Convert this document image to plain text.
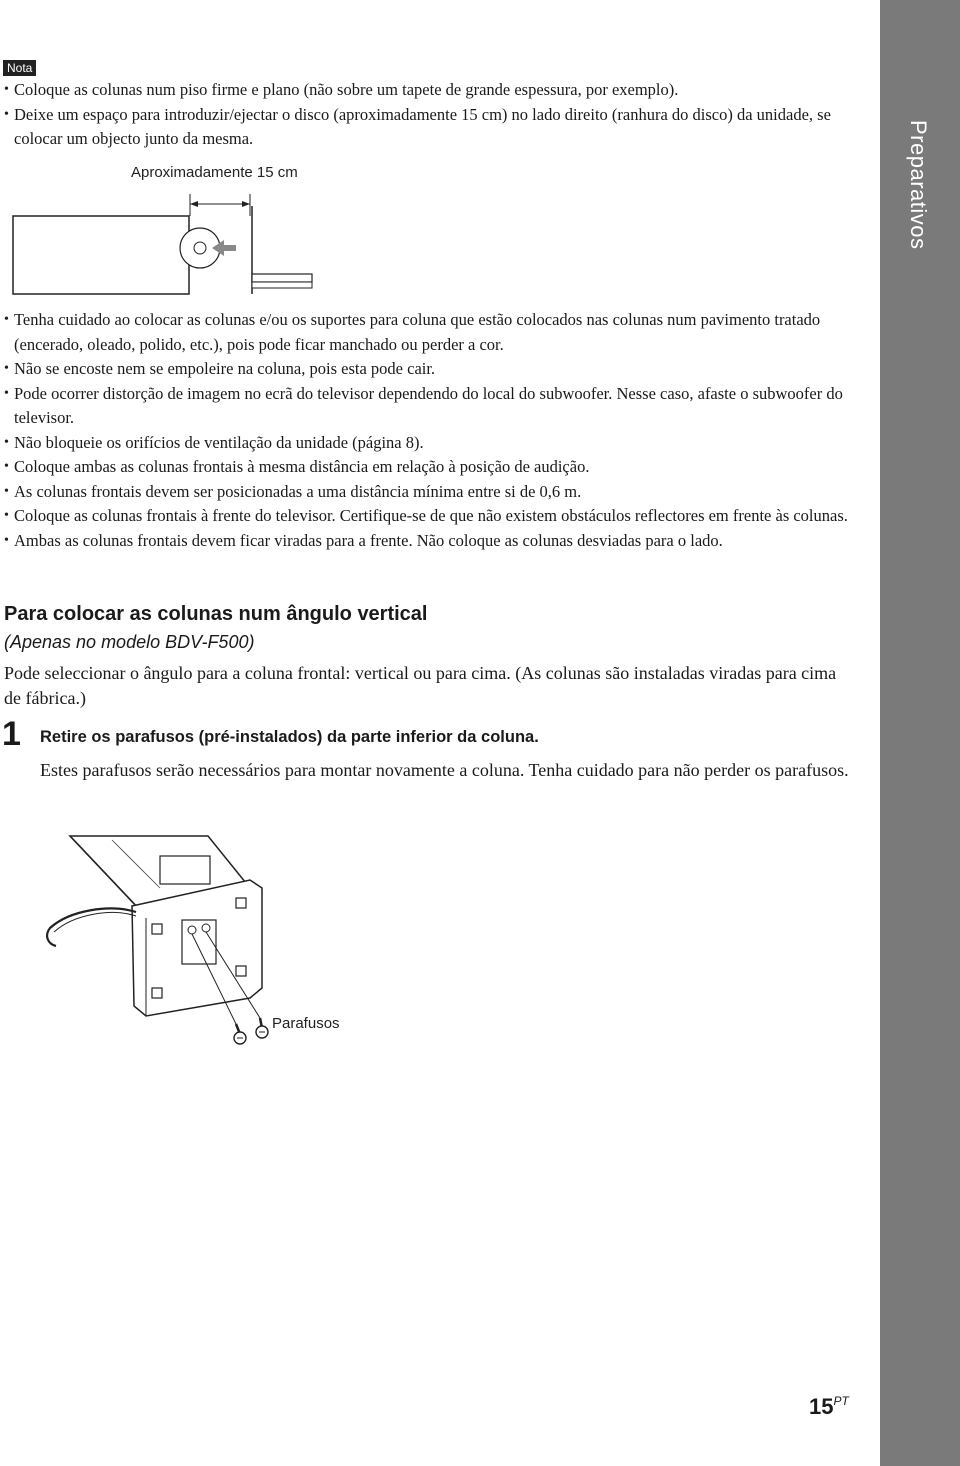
Preparativos
Nota
• Coloque as colunas num piso firme e plano (não sobre um tapete de grande espessura, por exemplo).
• Deixe um espaço para introduzir/ejectar o disco (aproximadamente 15 cm) no lado direito (ranhura do disco) da unidade, se colocar um objecto junto da mesma.
Aproximadamente 15 cm
• Tenha cuidado ao colocar as colunas e/ou os suportes para coluna que estão colocados nas colunas num pavimento tratado (encerado, oleado, polido, etc.), pois pode ficar manchado ou perder a cor.
• Não se encoste nem se empoleire na coluna, pois esta pode cair.
• Pode ocorrer distorção de imagem no ecrã do televisor dependendo do local do subwoofer. Nesse caso, afaste o subwoofer do televisor.
• Não bloqueie os orifícios de ventilação da unidade (página 8).
• Coloque ambas as colunas frontais à mesma distância em relação à posição de audição.
• As colunas frontais devem ser posicionadas a uma distância mínima entre si de 0,6 m.
• Coloque as colunas frontais à frente do televisor. Certifique-se de que não existem obstáculos reflectores em frente às colunas.
• Ambas as colunas frontais devem ficar viradas para a frente. Não coloque as colunas desviadas para o lado.
Para colocar as colunas num ângulo vertical
(Apenas no modelo BDV-F500)

Pode seleccionar o ângulo para a coluna frontal: vertical ou para cima. (As colunas são instaladas viradas para cima de fábrica.)

1 Retire os parafusos (pré-instalados) da parte inferior da coluna.

Estes parafusos serão necessários para montar novamente a coluna. Tenha cuidado para não perder os parafusos.

Parafusos
$15^{PT}$
